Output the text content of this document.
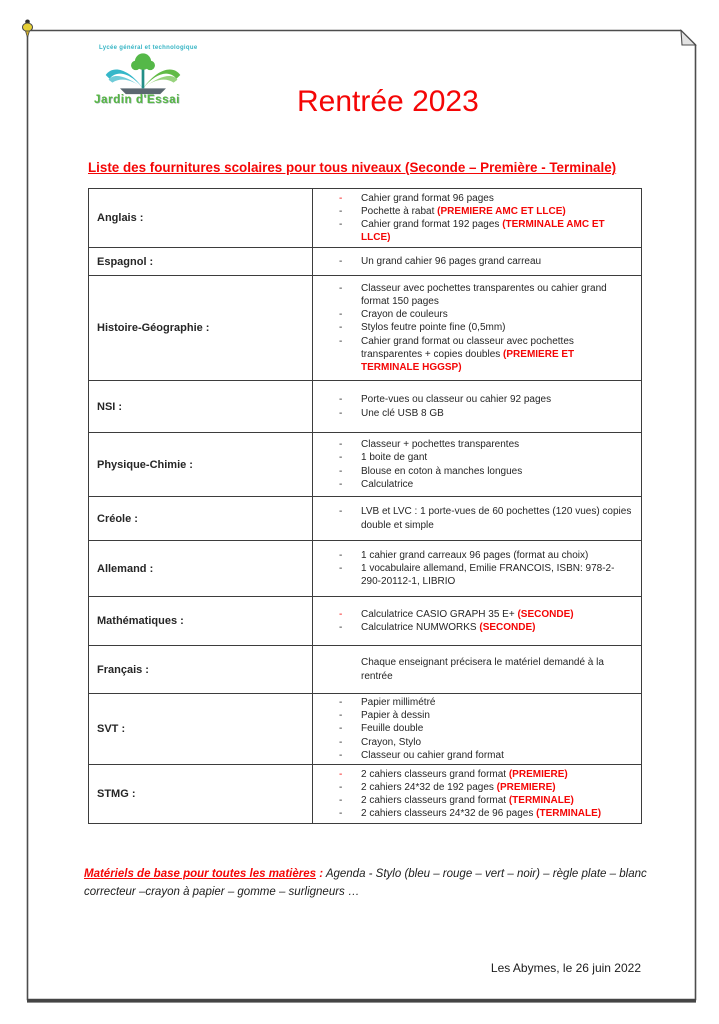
Lycée général et technologique
Jardin d'Essai	Rentrée 2023
Liste des fournitures scolaires pour tous niveaux (Seconde – Première - Terminale)
Anglais :
- Cahier grand format 96 pages
- Pochette à rabat (PREMIERE AMC ET LLCE)
- Cahier grand format 192 pages (TERMINALE AMC ET
LLCE)
Espagnol :	- Un grand cahier 96 pages grand carreau
Histoire-Géographie :
- Classeur avec pochettes transparentes ou cahier grand
format 150 pages
- Crayon de couleurs
- Stylos feutre pointe fine (0,5mm)
- Cahier grand format ou classeur avec pochettes
transparentes + copies doubles (PREMIERE ET
TERMINALE HGGSP)
NSI :
- Porte-vues ou classeur ou cahier 92 pages
- Une clé USB 8 GB
Physique-Chimie :
- Classeur + pochettes transparentes
- 1 boite de gant
- Blouse en coton à manches longues
- Calculatrice
Créole :
- LVB et LVC : 1 porte-vues de 60 pochettes (120 vues) copies
double et simple
Allemand :
- 1 cahier grand carreaux 96 pages (format au choix)
- 1 vocabulaire allemand, Emilie FRANCOIS, ISBN: 978-2-
290-20112-1, LIBRIO
Mathématiques :
- Calculatrice CASIO GRAPH 35 E+ (SECONDE)
- Calculatrice NUMWORKS (SECONDE)
Français :
Chaque enseignant précisera le matériel demandé à la
rentrée
SVT :
- Papier millimétré
- Papier à dessin
- Feuille double
- Crayon, Stylo
- Classeur ou cahier grand format
STMG :
- 2 cahiers classeurs grand format (PREMIERE)
- 2 cahiers 24*32 de 192 pages (PREMIERE)
- 2 cahiers classeurs grand format (TERMINALE)
- 2 cahiers classeurs 24*32 de 96 pages (TERMINALE)
Matériels de base pour toutes les matières : Agenda - Stylo (bleu – rouge – vert – noir) – règle plate – blanc
correcteur –crayon à papier – gomme – surligneurs …
Les Abymes, le 26 juin 2022
